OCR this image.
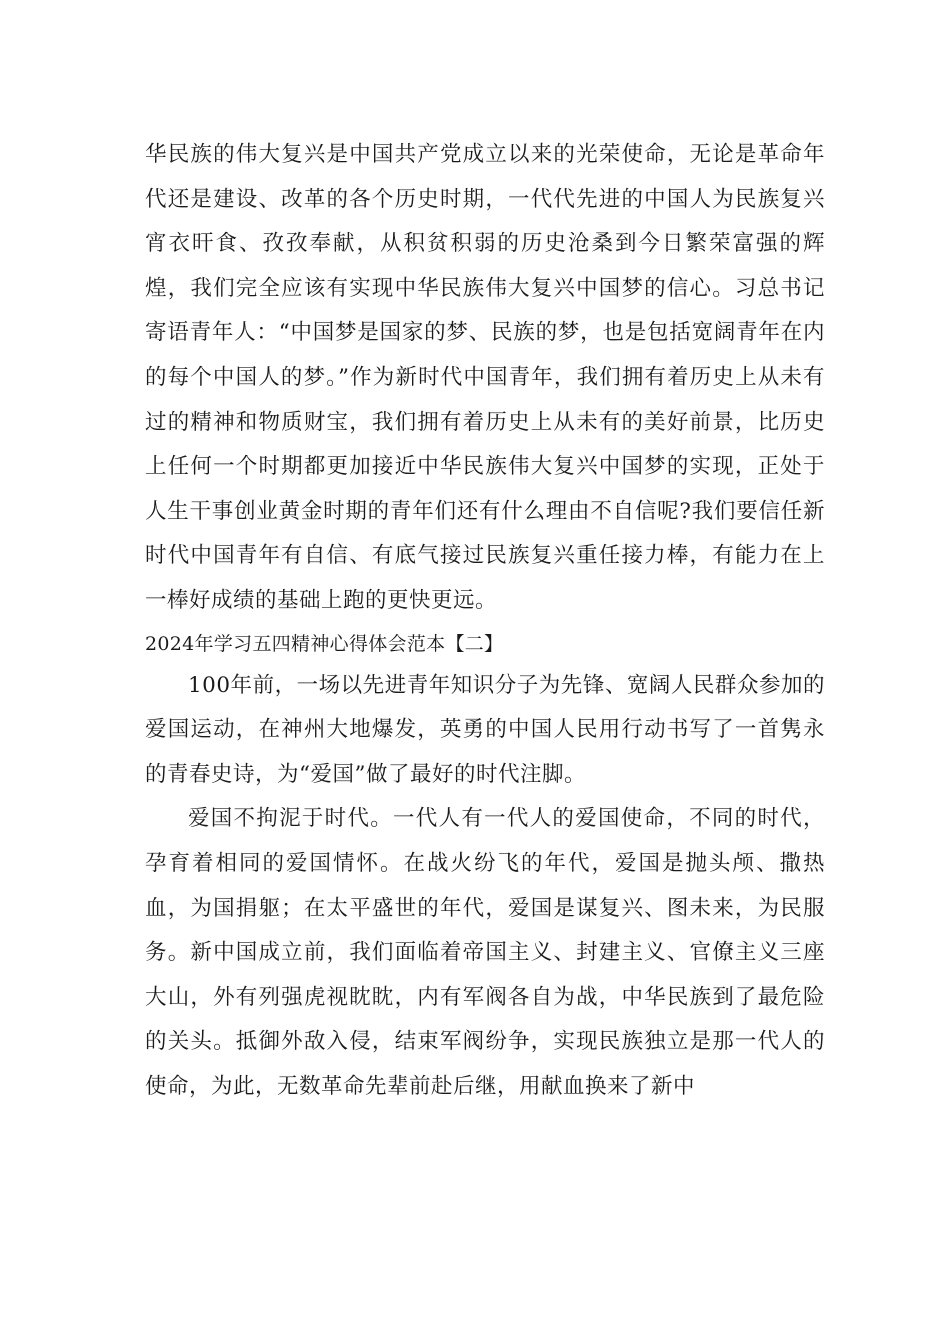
华民族的伟大复兴是中国共产党成立以来的光荣使命，无论是革命年代还是建设、改革的各个历史时期，一代代先进的中国人为民族复兴宵衣旰食、孜孜奉献，从积贫积弱的历史沧桑到今日繁荣富强的辉煌，我们完全应该有实现中华民族伟大复兴中国梦的信心。习总书记寄语青年人：“中国梦是国家的梦、民族的梦，也是包括宽阔青年在内的每个中国人的梦。”作为新时代中国青年，我们拥有着历史上从未有过的精神和物质财宝，我们拥有着历史上从未有的美好前景，比历史上任何一个时期都更加接近中华民族伟大复兴中国梦的实现，正处于人生干事创业黄金时期的青年们还有什么理由不自信呢?我们要信任新时代中国青年有自信、有底气接过民族复兴重任接力棒，有能力在上一棒好成绩的基础上跑的更快更远。

2024年学习五四精神心得体会范本【二】

100年前，一场以先进青年知识分子为先锋、宽阔人民群众参加的爱国运动，在神州大地爆发，英勇的中国人民用行动书写了一首隽永的青春史诗，为“爱国”做了最好的时代注脚。

爱国不拘泥于时代。一代人有一代人的爱国使命，不同的时代，孕育着相同的爱国情怀。在战火纷飞的年代，爱国是抛头颅、撒热血，为国捐躯；在太平盛世的年代，爱国是谋复兴、图未来，为民服务。新中国成立前，我们面临着帝国主义、封建主义、官僚主义三座大山，外有列强虎视眈眈，内有军阀各自为战，中华民族到了最危险的关头。抵御外敌入侵，结束军阀纷争，实现民族独立是那一代人的使命，为此，无数革命先辈前赴后继，用献血换来了新中
